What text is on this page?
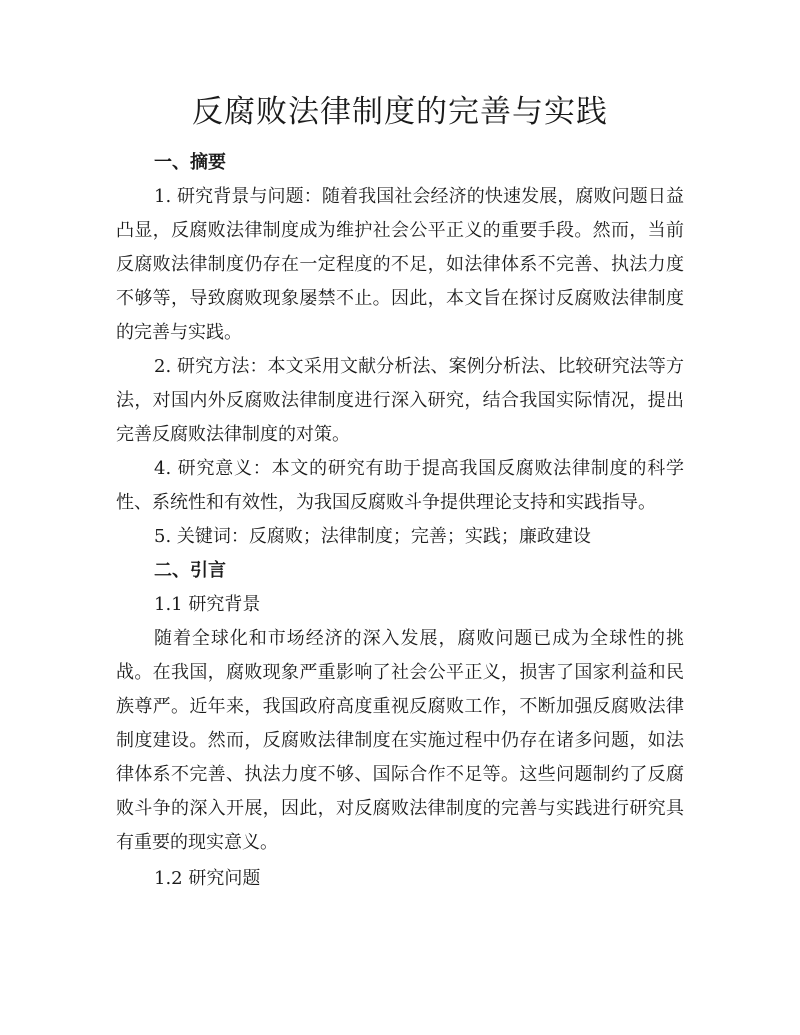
反腐败法律制度的完善与实践

一、摘要

1. 研究背景与问题：随着我国社会经济的快速发展，腐败问题日益凸显，反腐败法律制度成为维护社会公平正义的重要手段。然而，当前反腐败法律制度仍存在一定程度的不足，如法律体系不完善、执法力度不够等，导致腐败现象屡禁不止。因此，本文旨在探讨反腐败法律制度的完善与实践。

2. 研究方法：本文采用文献分析法、案例分析法、比较研究法等方法，对国内外反腐败法律制度进行深入研究，结合我国实际情况，提出完善反腐败法律制度的对策。

4. 研究意义：本文的研究有助于提高我国反腐败法律制度的科学性、系统性和有效性，为我国反腐败斗争提供理论支持和实践指导。

5. 关键词：反腐败；法律制度；完善；实践；廉政建设

二、引言

1.1 研究背景

随着全球化和市场经济的深入发展，腐败问题已成为全球性的挑战。在我国，腐败现象严重影响了社会公平正义，损害了国家利益和民族尊严。近年来，我国政府高度重视反腐败工作，不断加强反腐败法律制度建设。然而，反腐败法律制度在实施过程中仍存在诸多问题，如法律体系不完善、执法力度不够、国际合作不足等。这些问题制约了反腐败斗争的深入开展，因此，对反腐败法律制度的完善与实践进行研究具有重要的现实意义。

1.2 研究问题
